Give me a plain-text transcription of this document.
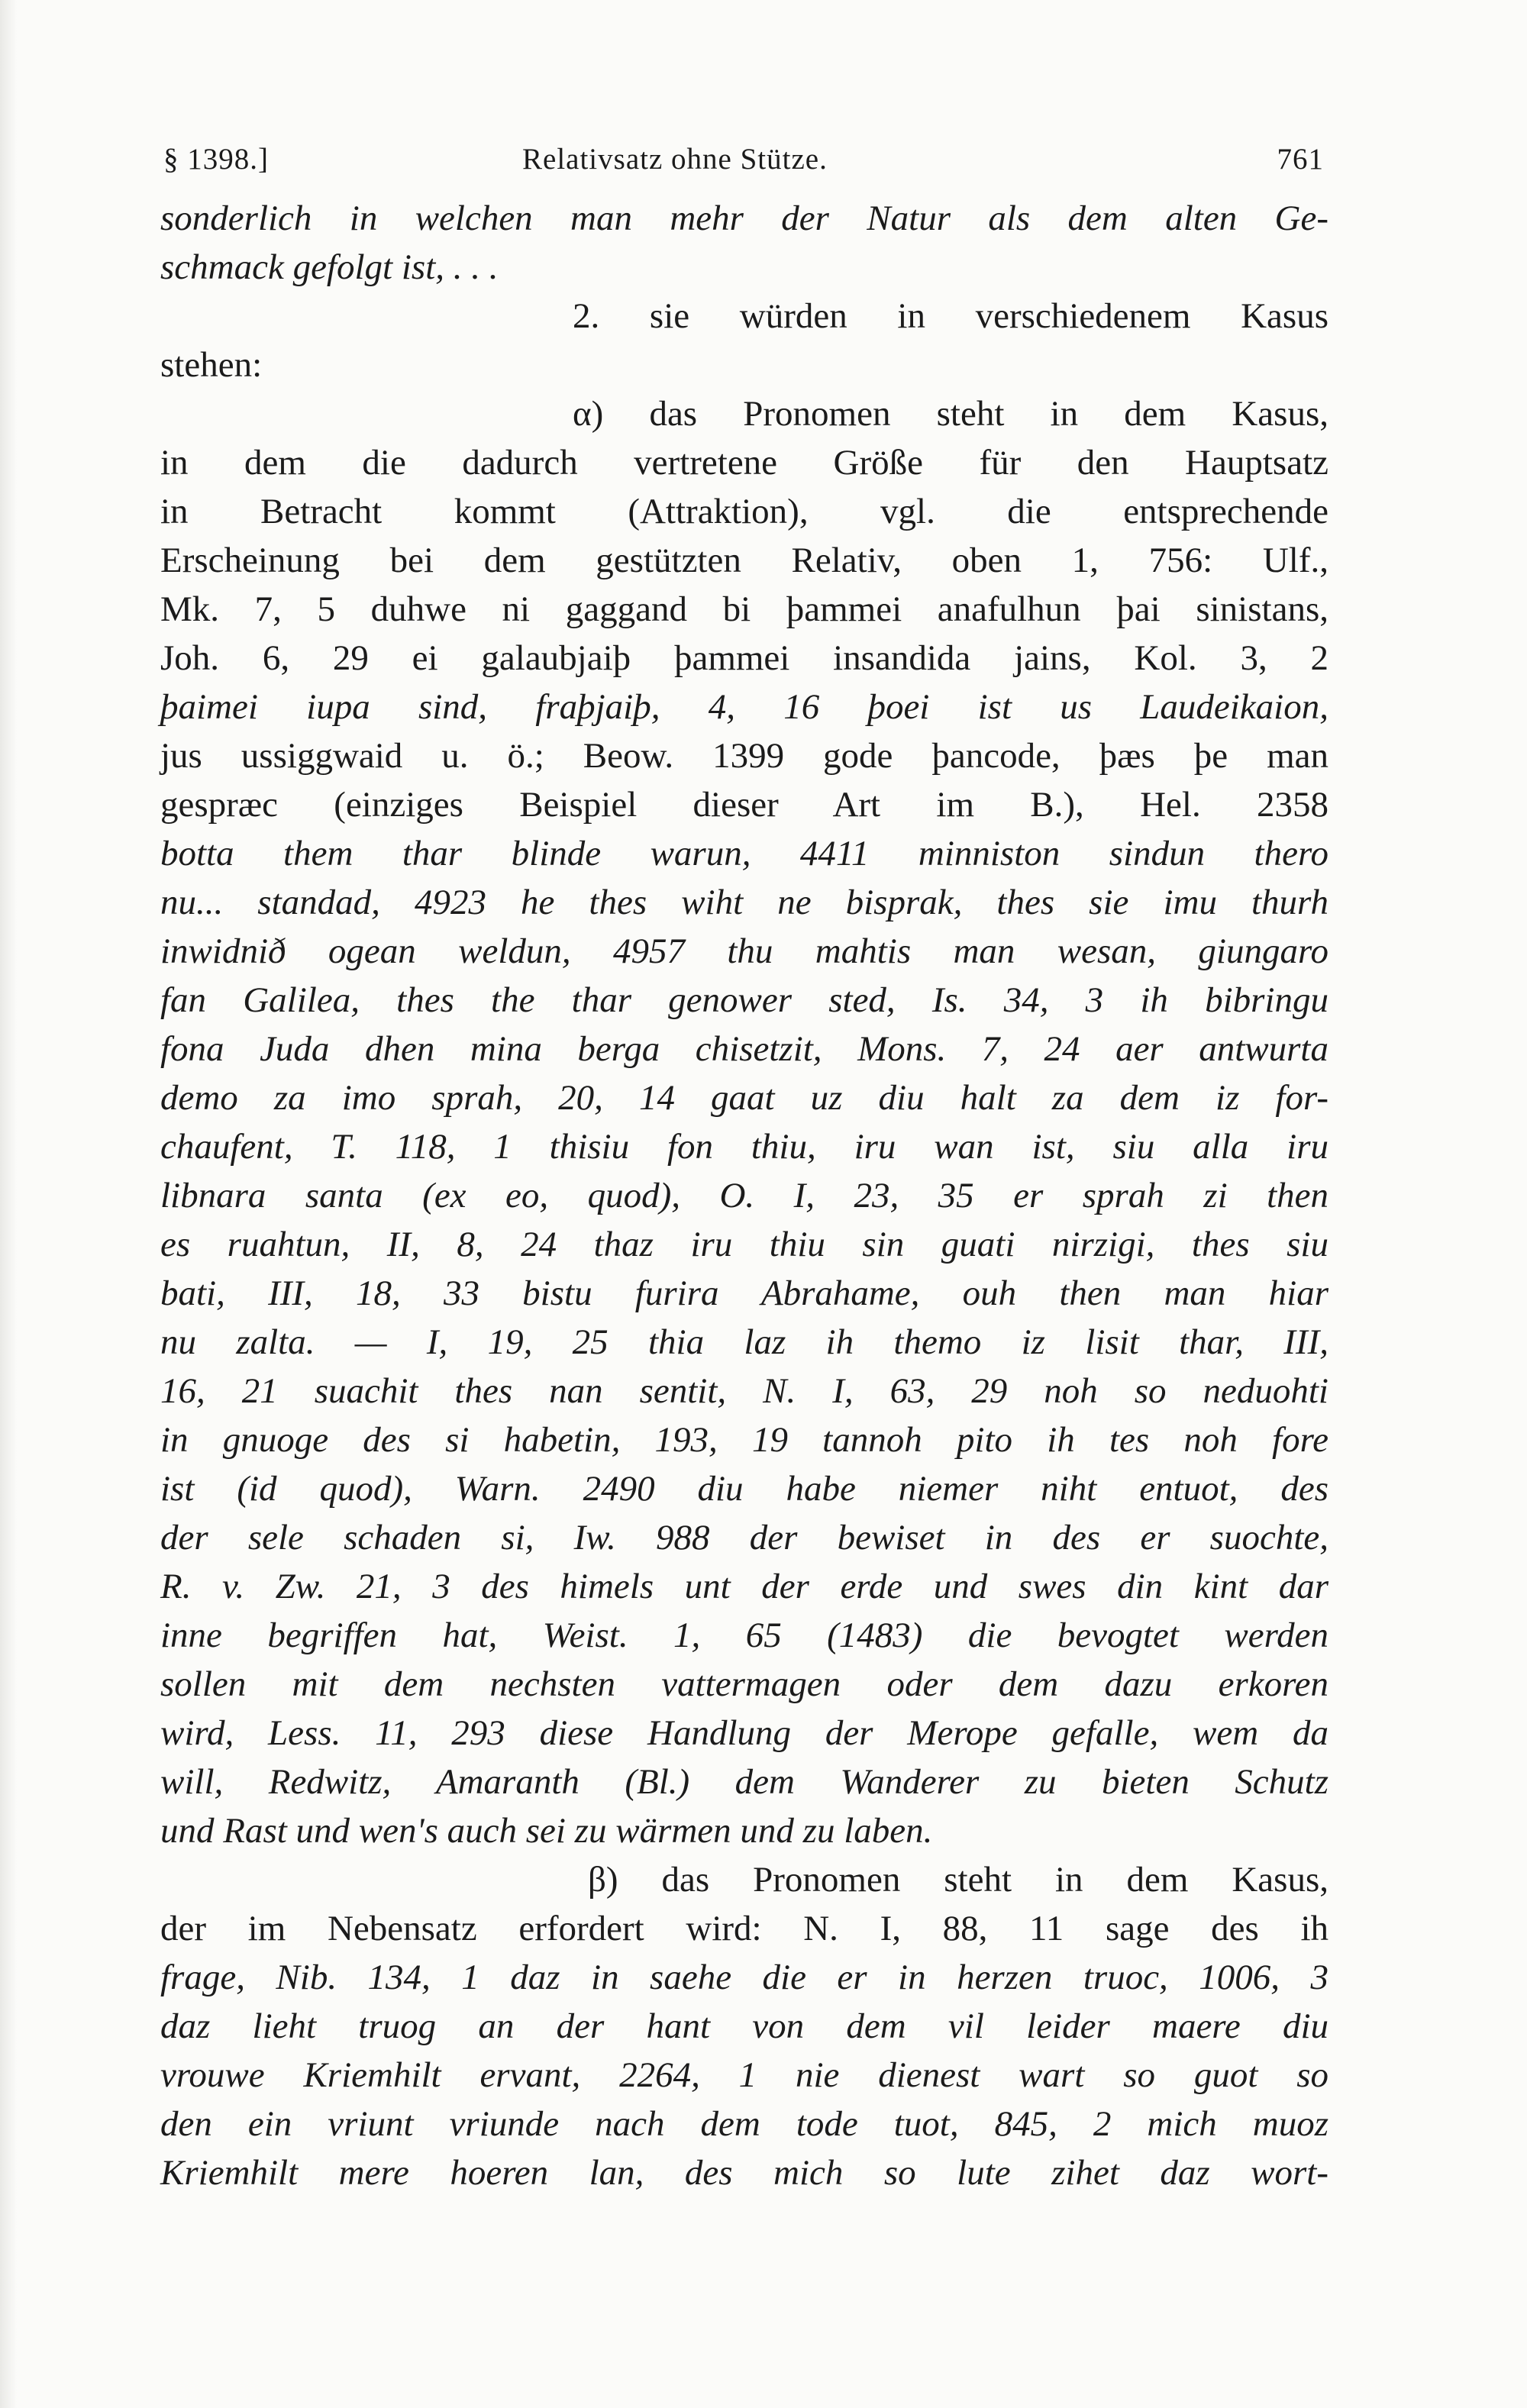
§ 1398.]	Relativsatz ohne Stütze.	761
sonderlich in welchen man mehr der Natur als dem alten Ge-
schmack gefolgt ist, . . .
2. sie würden in verschiedenem Kasus
stehen:
α) das Pronomen steht in dem Kasus,
in dem die dadurch vertretene Größe für den Hauptsatz
in Betracht kommt (Attraktion), vgl. die entsprechende
Erscheinung bei dem gestützten Relativ, oben 1, 756: Ulf.,
Mk. 7, 5 duhwe ni gaggand bi þammei anafulhun þai sinistans,
Joh. 6, 29 ei galaubjaiþ þammei insandida jains, Kol. 3, 2
þaimei iupa sind, fraþjaiþ, 4, 16 þoei ist us Laudeikaion,
jus ussiggwaid u. ö.; Beow. 1399 gode þancode, þæs þe man
gespræc (einziges Beispiel dieser Art im B.), Hel. 2358
botta them thar blinde warun, 4411 minniston sindun thero
nu... standad, 4923 he thes wiht ne bisprak, thes sie imu thurh
inwidnið ogean weldun, 4957 thu mahtis man wesan, giungaro
fan Galilea, thes the thar genower sted, Is. 34, 3 ih bibringu
fona Juda dhen mina berga chisetzit, Mons. 7, 24 aer antwurta
demo za imo sprah, 20, 14 gaat uz diu halt za dem iz for-
chaufent, T. 118, 1 thisiu fon thiu, iru wan ist, siu alla iru
libnara santa (ex eo, quod), O. I, 23, 35 er sprah zi then
es ruahtun, II, 8, 24 thaz iru thiu sin guati nirzigi, thes siu
bati, III, 18, 33 bistu furira Abrahame, ouh then man hiar
nu zalta. — I, 19, 25 thia laz ih themo iz lisit thar, III,
16, 21 suachit thes nan sentit, N. I, 63, 29 noh so neduohti
in gnuoge des si habetin, 193, 19 tannoh pito ih tes noh fore
ist (id quod), Warn. 2490 diu habe niemer niht entuot, des
der sele schaden si, Iw. 988 der bewiset in des er suochte,
R. v. Zw. 21, 3 des himels unt der erde und swes din kint dar
inne begriffen hat, Weist. 1, 65 (1483) die bevogtet werden
sollen mit dem nechsten vattermagen oder dem dazu erkoren
wird, Less. 11, 293 diese Handlung der Merope gefalle, wem da
will, Redwitz, Amaranth (Bl.) dem Wanderer zu bieten Schutz
und Rast und wen's auch sei zu wärmen und zu laben.
β) das Pronomen steht in dem Kasus,
der im Nebensatz erfordert wird: N. I, 88, 11 sage des ih
frage, Nib. 134, 1 daz in saehe die er in herzen truoc, 1006, 3
daz lieht truog an der hant von dem vil leider maere diu
vrouwe Kriemhilt ervant, 2264, 1 nie dienest wart so guot so
den ein vriunt vriunde nach dem tode tuot, 845, 2 mich muoz
Kriemhilt mere hoeren lan, des mich so lute zihet daz wort-
